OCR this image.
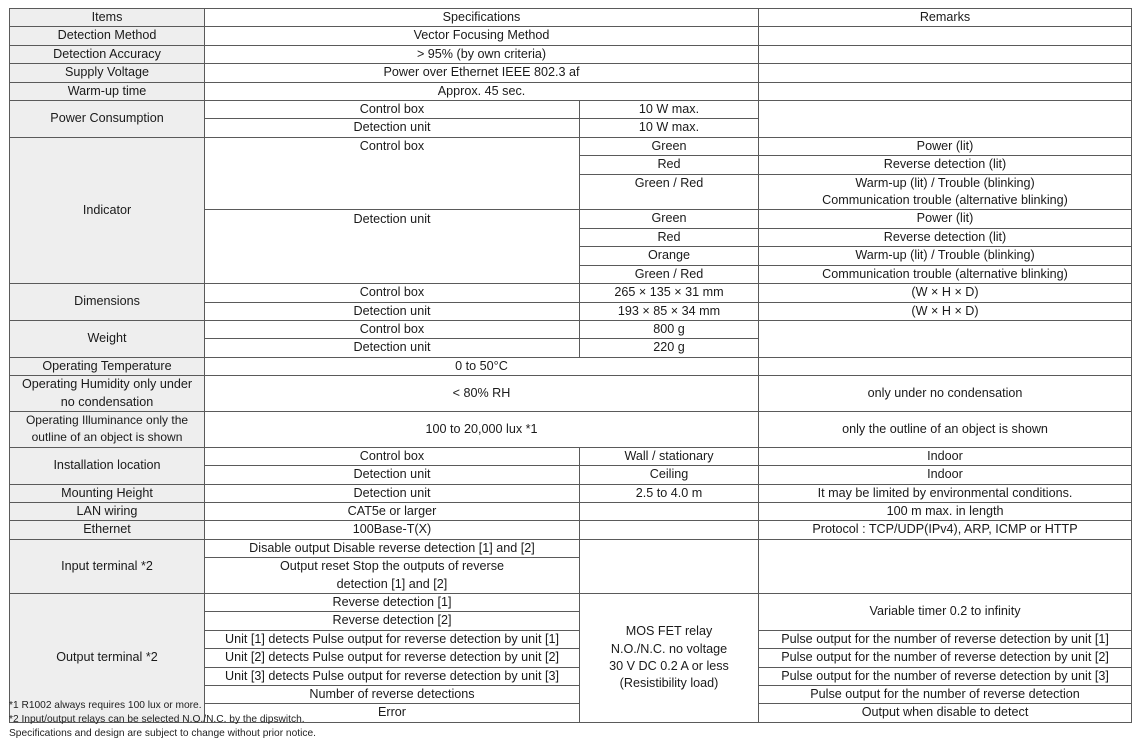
Items	Specifications		Remarks
Detection Method	Vector Focusing Method		
Detection Accuracy	> 95% (by own criteria)		
Supply Voltage	Power over Ethernet IEEE 802.3 af		
Warm-up time	Approx. 45 sec.		
Power Consumption	Control box	10 W max.	
	Detection unit	10 W max.	
Indicator	Control box	Green	Power (lit)
		Red	Reverse detection (lit)
		Green / Red	Warm-up (lit) / Trouble (blinking)
Communication trouble (alternative blinking)

	Detection unit	Green	Power (lit)
		Red	Reverse detection (lit)
		Orange	Warm-up (lit) / Trouble (blinking)
		Green / Red	Communication trouble (alternative blinking)
Dimensions	Control box	265 × 135 × 31 mm	(W × H × D)
	Detection unit	193 × 85 × 34 mm	(W × H × D)
Weight	Control box	800 g	
	Detection unit	220 g	
Operating Temperature	0 to 50°C		

Operating Humidity only under
no condensation	< 80% RH		only under no condensation

Operating Illuminance only the
outline of an object is shown	100 to 20,000 lux *1		only the outline of an object is shown
Installation location	Control box	Wall / stationary	Indoor
	Detection unit	Ceiling	Indoor
Mounting Height	Detection unit	2.5 to 4.0 m	It may be limited by environmental conditions.
LAN wiring	CAT5e or larger		100 m max. in length
Ethernet	100Base-T(X)		Protocol : TCP/UDP(IPv4), ARP, ICMP or HTTP
Input terminal *2	Disable output Disable reverse detection [1] and [2]		

	Output reset Stop the outputs of reverse
detection [1] and [2]		

Output terminal *2	Reverse detection [1]	MOS FET relay
N.O./N.C. no voltage
30 V DC 0.2 A or less
(Resistibility load)	Variable timer 0.2 to infinity
	Reverse detection [2]		
	Unit [1] detects Pulse output for reverse detection by unit [1]		Pulse output for the number of reverse detection by unit [1]
	Unit [2] detects Pulse output for reverse detection by unit [2]		Pulse output for the number of reverse detection by unit [2]
	Unit [3] detects Pulse output for reverse detection by unit [3]		Pulse output for the number of reverse detection by unit [3]
	Number of reverse detections		Pulse output for the number of reverse detection
	Error		Output when disable to detect
*1 R1002 always requires 100 lux or more.
*2 Input/output relays can be selected N.O./N.C. by the dipswitch.
Specifications and design are subject to change without prior notice.
